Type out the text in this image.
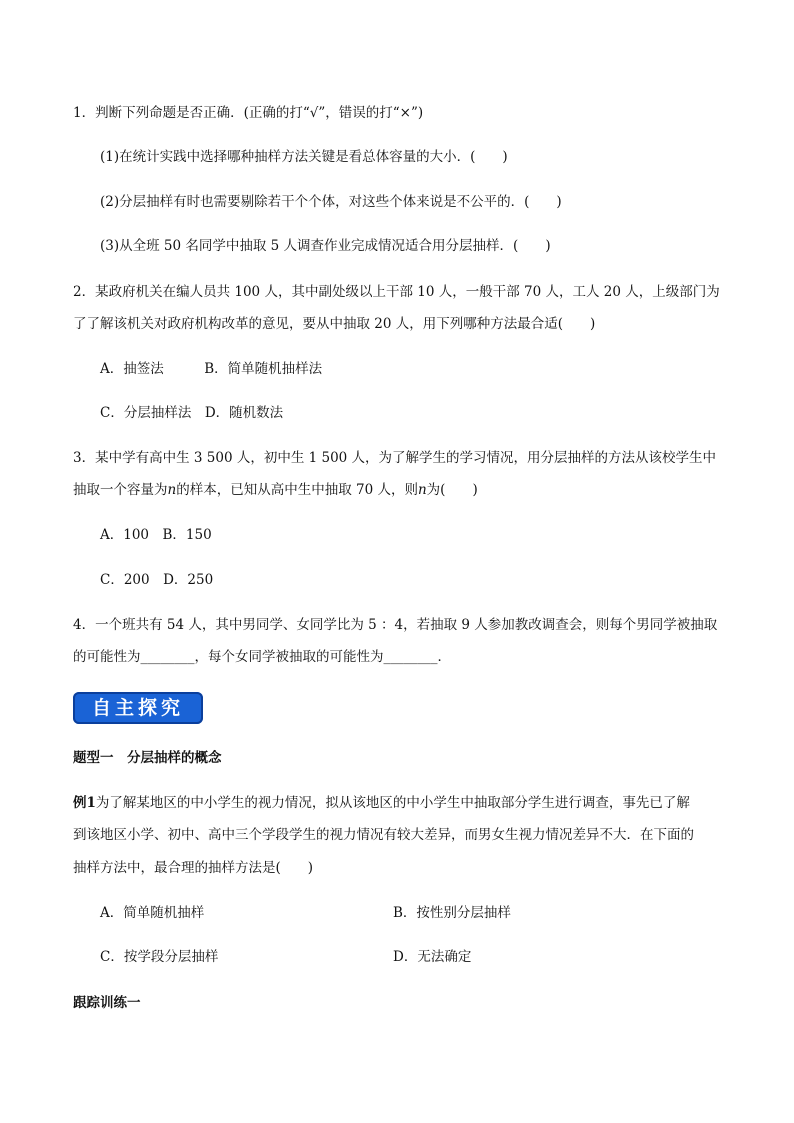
1．判断下列命题是否正确．(正确的打“√”，错误的打“×”)
(1)在统计实践中选择哪种抽样方法关键是看总体容量的大小．(　　)
(2)分层抽样有时也需要剔除若干个个体，对这些个体来说是不公平的．(　　)
(3)从全班 50 名同学中抽取 5 人调查作业完成情况适合用分层抽样．(　　)
2．某政府机关在编人员共 100 人，其中副处级以上干部 10 人，一般干部 70 人，工人 20 人，上级部门为
了了解该机关对政府机构改革的意见，要从中抽取 20 人，用下列哪种方法最合适(　　)
A．抽签法　　　B．简单随机抽样法
C．分层抽样法　D．随机数法
3．某中学有高中生 3 500 人，初中生 1 500 人，为了解学生的学习情况，用分层抽样的方法从该校学生中
抽取一个容量为n的样本，已知从高中生中抽取 70 人，则n为(　　)
A．100　B．150
C．200　D．250
4．一个班共有 54 人，其中男同学、女同学比为 5 ：4，若抽取 9 人参加教改调查会，则每个男同学被抽取
的可能性为________，每个女同学被抽取的可能性为________．
自主探究
题型一　分层抽样的概念
例1为了解某地区的中小学生的视力情况，拟从该地区的中小学生中抽取部分学生进行调查，事先已了解
到该地区小学、初中、高中三个学段学生的视力情况有较大差异，而男女生视力情况差异不大．在下面的
抽样方法中，最合理的抽样方法是(　　)
A．简单随机抽样	B．按性别分层抽样
C．按学段分层抽样	D．无法确定
跟踪训练一
